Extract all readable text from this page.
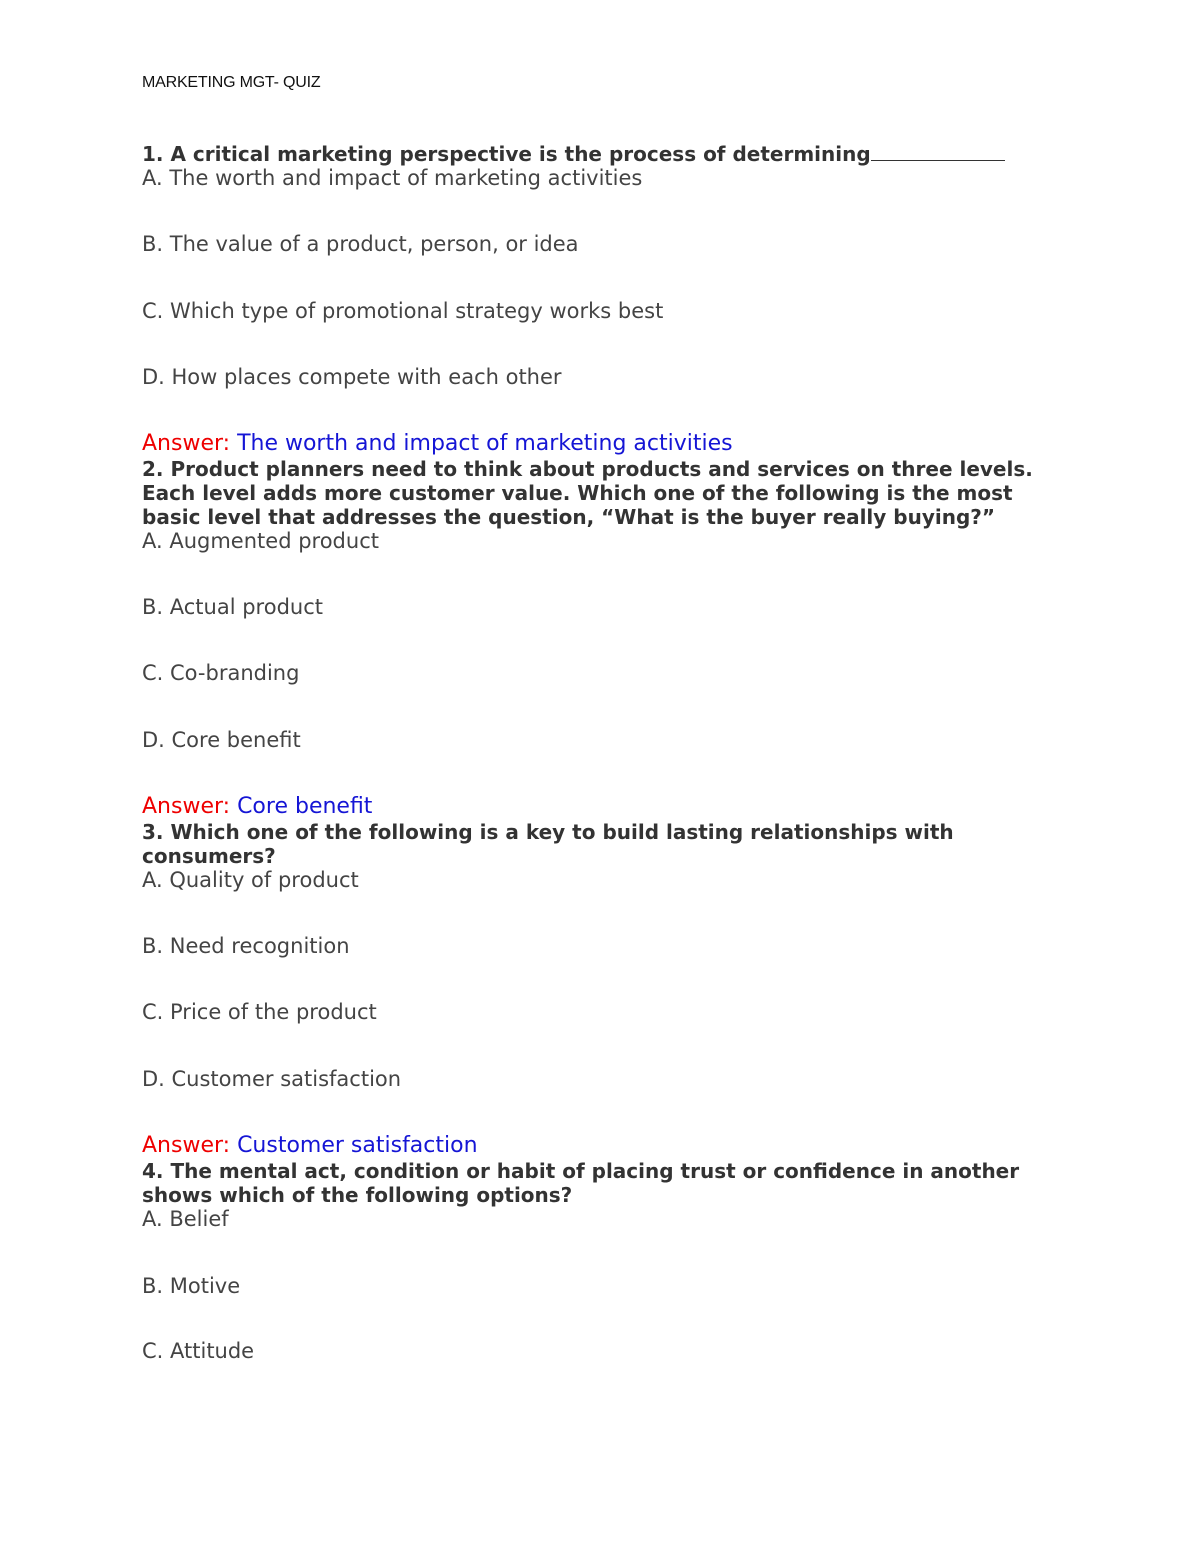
MARKETING MGT- QUIZ

1. A critical marketing perspective is the process of determining

A. The worth and impact of marketing activities

B. The value of a product, person, or idea

C. Which type of promotional strategy works best

D. How places compete with each other

Answer: The worth and impact of marketing activities

2. Product planners need to think about products and services on three levels. Each level adds more customer value. Which one of the following is the most basic level that addresses the question, “What is the buyer really buying?”

A. Augmented product

B. Actual product

C. Co-branding

D. Core benefit

Answer: Core benefit

3. Which one of the following is a key to build lasting relationships with consumers?

A. Quality of product

B. Need recognition

C. Price of the product

D. Customer satisfaction

Answer: Customer satisfaction

4. The mental act, condition or habit of placing trust or confidence in another shows which of the following options?

A. Belief

B. Motive

C. Attitude
